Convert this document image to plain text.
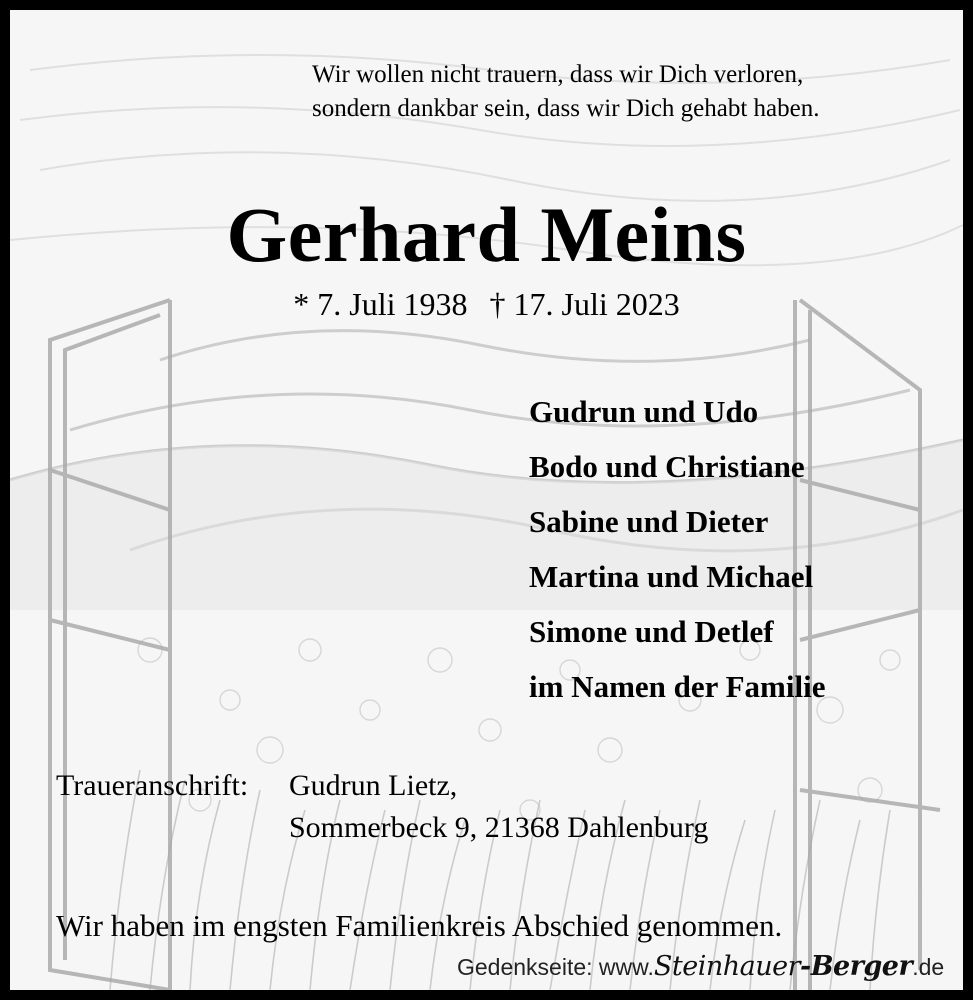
Wir wollen nicht trauern, dass wir Dich verloren,
sondern dankbar sein, dass wir Dich gehabt haben.
Gerhard Meins
* 7. Juli 1938 † 17. Juli 2023
Gudrun und Udo
Bodo und Christiane
Sabine und Dieter
Martina und Michael
Simone und Detlef
im Namen der Familie
Traueranschrift: Gudrun Lietz,
Sommerbeck 9, 21368 Dahlenburg
Wir haben im engsten Familienkreis Abschied genommen.
Gedenkseite: www.Steinhauer-Berger.de
